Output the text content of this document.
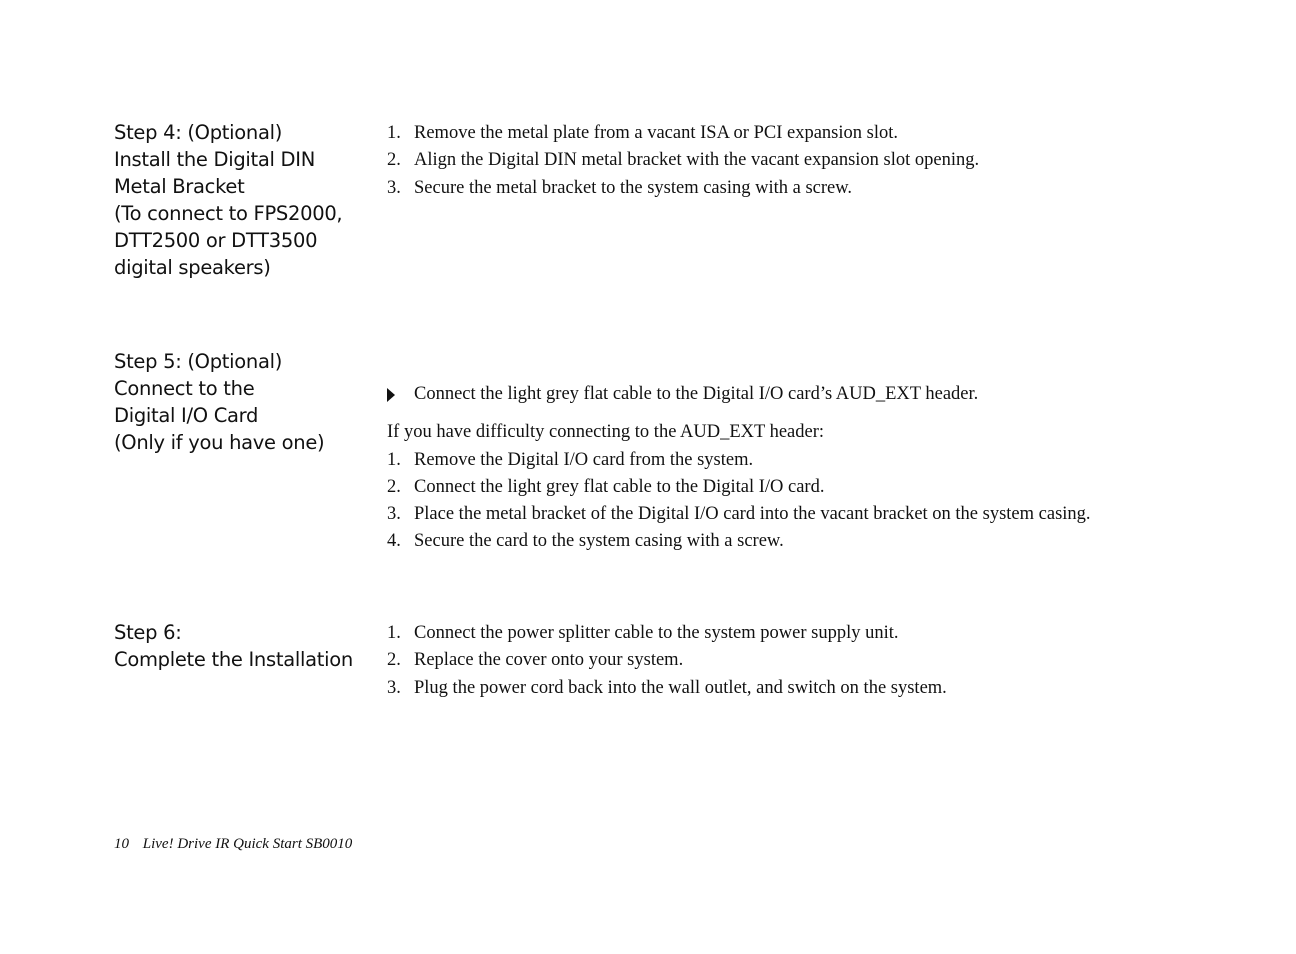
Step 4: (Optional)
Install the Digital DIN
Metal Bracket
(To connect to FPS2000,
DTT2500 or DTT3500
digital speakers)
1. Remove the metal plate from a vacant ISA or PCI expansion slot.
2. Align the Digital DIN metal bracket with the vacant expansion slot opening.
3. Secure the metal bracket to the system casing with a screw.
Step 5: (Optional)
Connect to the
Digital I/O Card
(Only if you have one)
Connect the light grey flat cable to the Digital I/O card’s AUD_EXT header.
If you have difficulty connecting to the AUD_EXT header:
1. Remove the Digital I/O card from the system.
2. Connect the light grey flat cable to the Digital I/O card.
3. Place the metal bracket of the Digital I/O card into the vacant bracket on the system casing.
4. Secure the card to the system casing with a screw.
Step 6:
Complete the Installation
1. Connect the power splitter cable to the system power supply unit.
2. Replace the cover onto your system.
3. Plug the power cord back into the wall outlet, and switch on the system.
10 Live! Drive IR Quick Start SB0010
